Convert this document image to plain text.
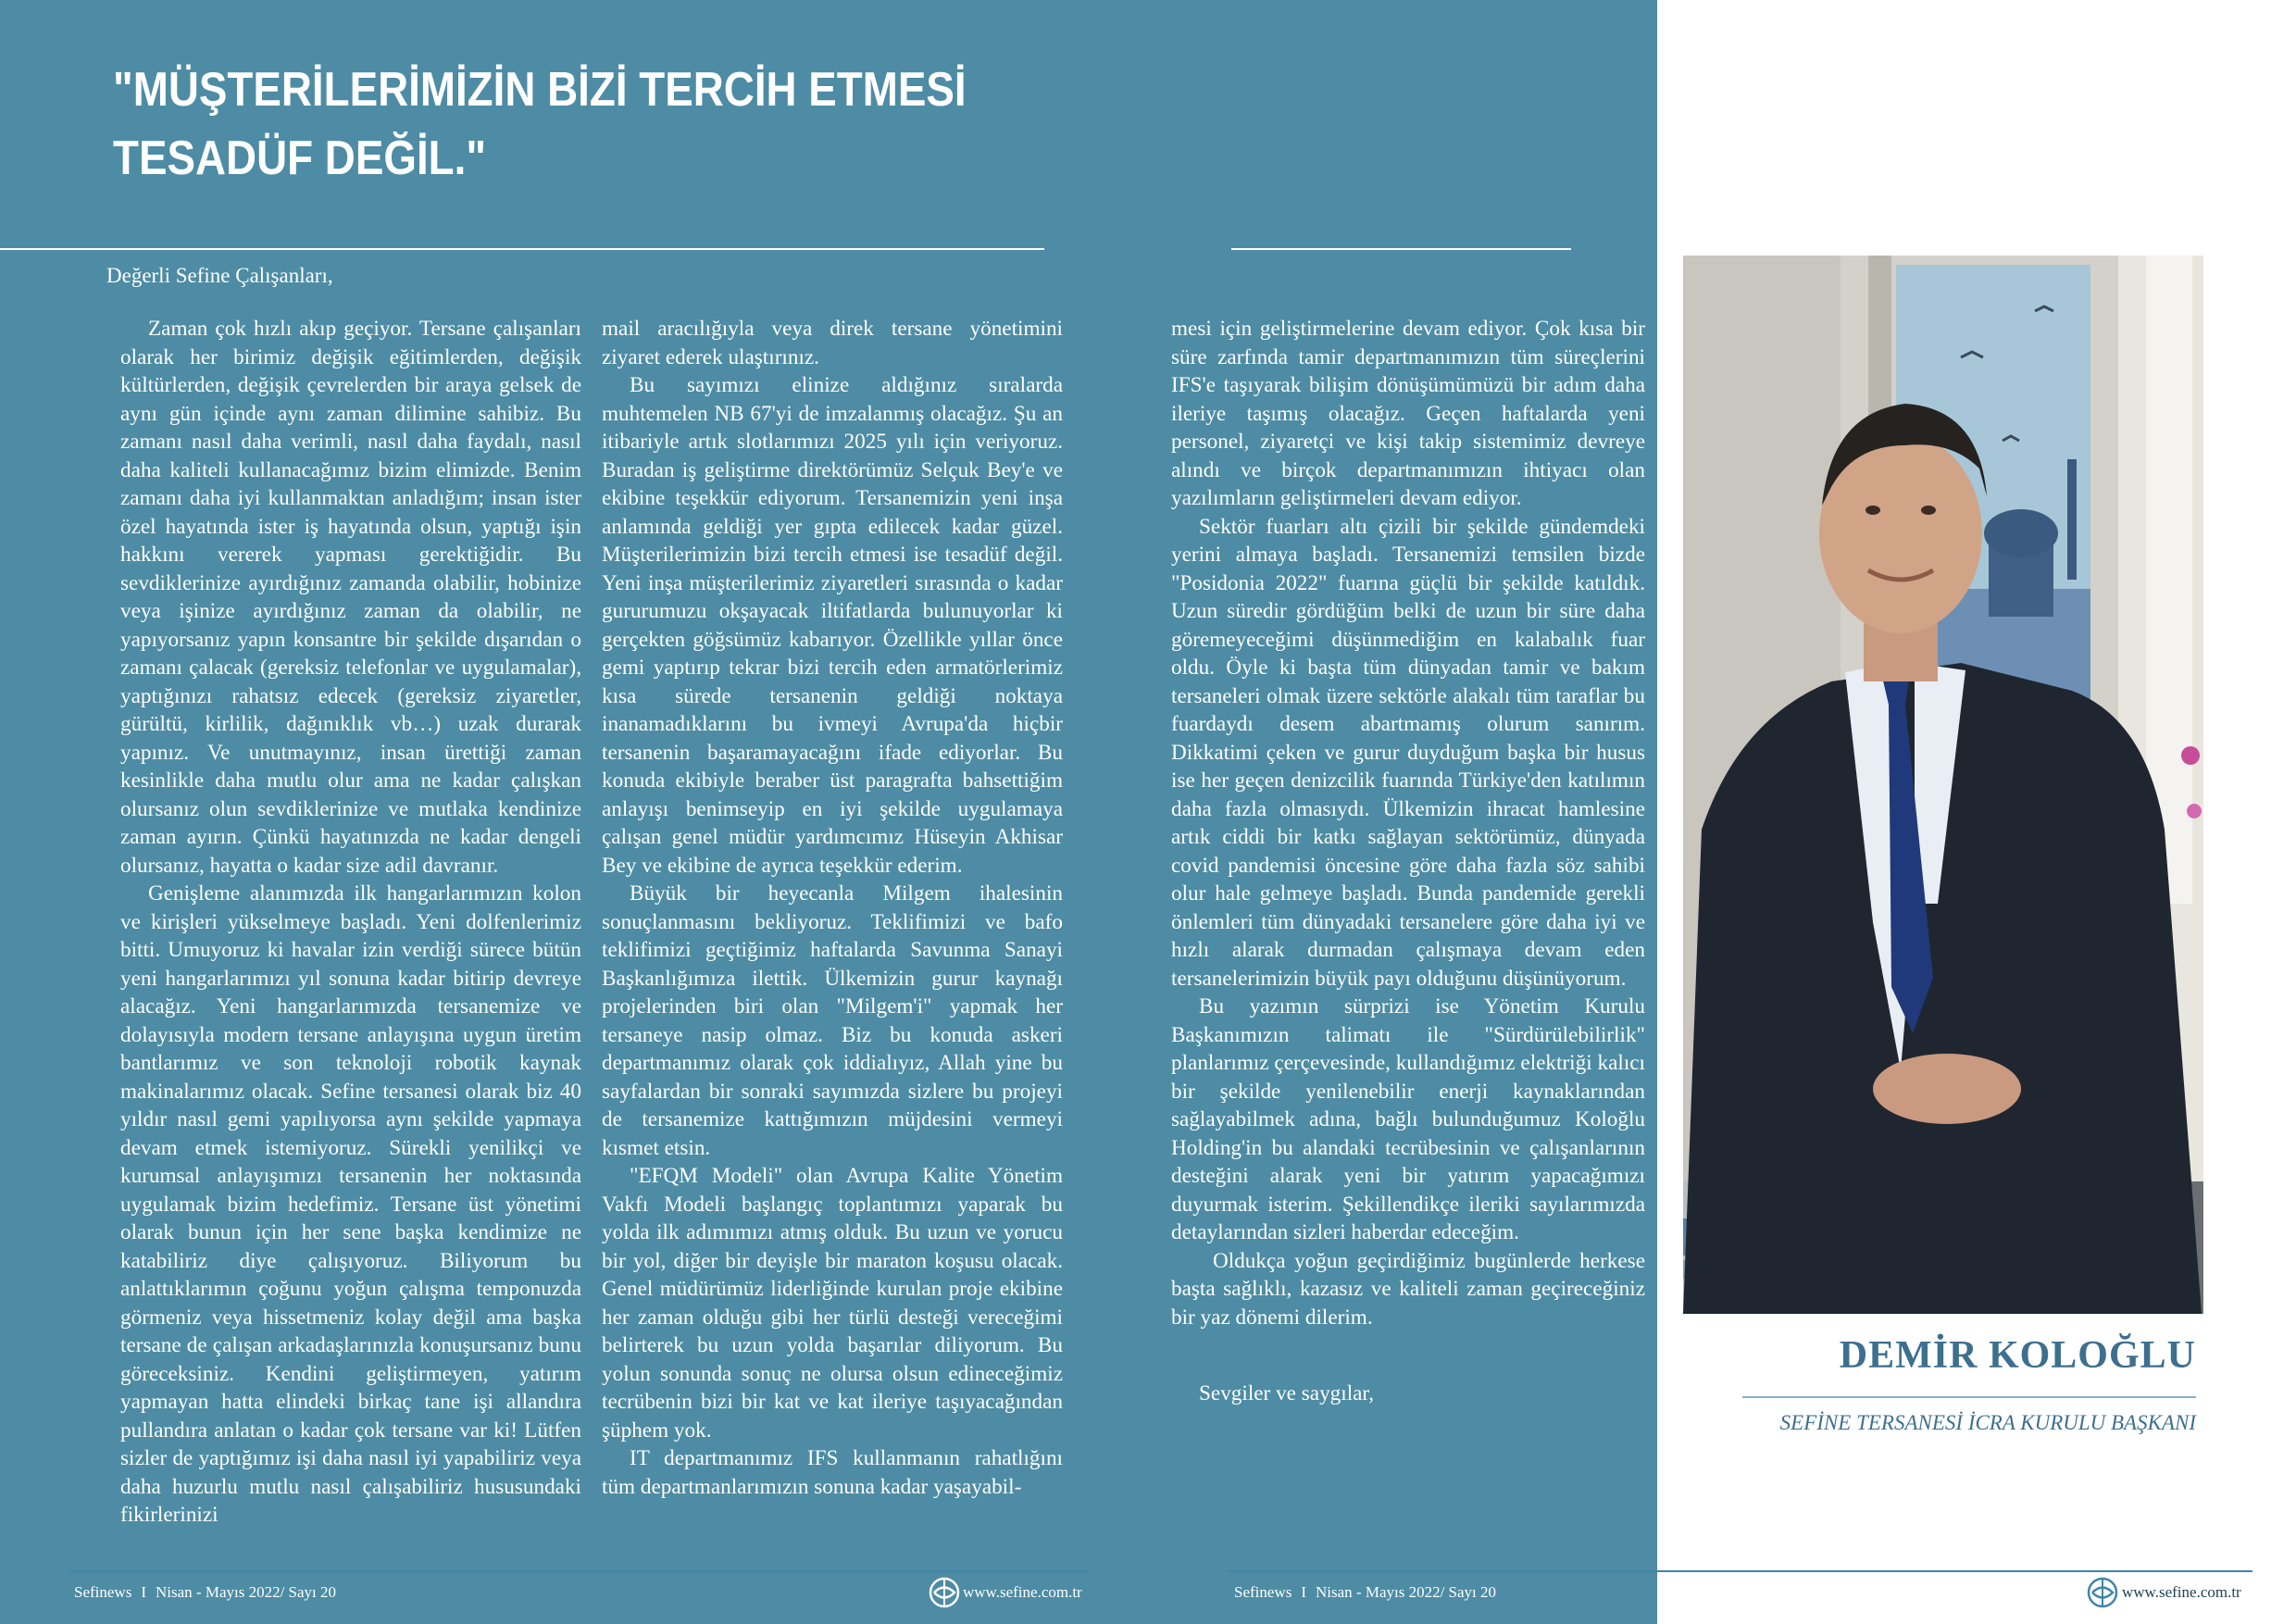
"MÜŞTERİLERİMİZİN BİZİ TERCİH ETMESİ
TESADÜF DEĞİL."
Değerli Sefine Çalışanları,

Zaman çok hızlı akıp geçiyor. Tersane çalışanları olarak her birimiz değişik eğitimlerden, değişik kültürlerden, değişik çevrelerden bir araya gelsek de aynı gün içinde aynı zaman dilimine sahibiz. Bu zamanı nasıl daha verimli, nasıl daha faydalı, nasıl daha kaliteli kullanacağımız bizim elimizde. Benim zamanı daha iyi kullanmaktan anladığım; insan ister özel hayatında ister iş hayatında olsun, yaptığı işin hakkını vererek yapması gerektiğidir. Bu sevdiklerinize ayırdığınız zamanda olabilir, hobinize veya işinize ayırdığınız zaman da olabilir, ne yapıyorsanız yapın konsantre bir şekilde dışarıdan o zamanı çalacak (gereksiz telefonlar ve uygulamalar), yaptığınızı rahatsız edecek (gereksiz ziyaretler, gürültü, kirlilik, dağınıklık vb…) uzak durarak yapınız. Ve unutmayınız, insan ürettiği zaman kesinlikle daha mutlu olur ama ne kadar çalışkan olursanız olun sevdiklerinize ve mutlaka kendinize zaman ayırın. Çünkü hayatınızda ne kadar dengeli olursanız, hayatta o kadar size adil davranır.

Genişleme alanımızda ilk hangarlarımızın kolon ve kirişleri yükselmeye başladı. Yeni dolfenlerimiz bitti. Umuyoruz ki havalar izin verdiği sürece bütün yeni hangarlarımızı yıl sonuna kadar bitirip devreye alacağız. Yeni hangarlarımızda tersanemize ve dolayısıyla modern tersane anlayışına uygun üretim bantlarımız ve son teknoloji robotik kaynak makinalarımız olacak. Sefine tersanesi olarak biz 40 yıldır nasıl gemi yapılıyorsa aynı şekilde yapmaya devam etmek istemiyoruz. Sürekli yenilikçi ve kurumsal anlayışımızı tersanenin her noktasında uygulamak bizim hedefimiz. Tersane üst yönetimi olarak bunun için her sene başka kendimize ne katabiliriz diye çalışıyoruz. Biliyorum bu anlattıklarımın çoğunu yoğun çalışma temponuzda görmeniz veya hissetmeniz kolay değil ama başka tersane de çalışan arkadaşlarınızla konuşursanız bunu göreceksiniz. Kendini geliştirmeyen, yatırım yapmayan hatta elindeki birkaç tane işi allandıra pullandıra anlatan o kadar çok tersane var ki! Lütfen sizler de yaptığımız işi daha nasıl iyi yapabiliriz veya daha huzurlu mutlu nasıl çalışabiliriz hususundaki fikirlerinizi

mail aracılığıyla veya direk tersane yönetimini ziyaret ederek ulaştırınız.

Bu sayımızı elinize aldığınız sıralarda muhtemelen NB 67'yi de imzalanmış olacağız. Şu an itibariyle artık slotlarımızı 2025 yılı için veriyoruz. Buradan iş geliştirme direktörümüz Selçuk Bey'e ve ekibine teşekkür ediyorum. Tersanemizin yeni inşa anlamında geldiği yer gıpta edilecek kadar güzel. Müşterilerimizin bizi tercih etmesi ise tesadüf değil. Yeni inşa müşterilerimiz ziyaretleri sırasında o kadar gururumuzu okşayacak iltifatlarda bulunuyorlar ki gerçekten göğsümüz kabarıyor. Özellikle yıllar önce gemi yaptırıp tekrar bizi tercih eden armatörlerimiz kısa sürede tersanenin geldiği noktaya inanamadıklarını bu ivmeyi Avrupa'da hiçbir tersanenin başaramayacağını ifade ediyorlar. Bu konuda ekibiyle beraber üst paragrafta bahsettiğim anlayışı benimseyip en iyi şekilde uygulamaya çalışan genel müdür yardımcımız Hüseyin Akhisar Bey ve ekibine de ayrıca teşekkür ederim.

Büyük bir heyecanla Milgem ihalesinin sonuçlanmasını bekliyoruz. Teklifimizi ve bafo teklifimizi geçtiğimiz haftalarda Savunma Sanayi Başkanlığımıza ilettik. Ülkemizin gurur kaynağı projelerinden biri olan "Milgem'i" yapmak her tersaneye nasip olmaz. Biz bu konuda askeri departmanımız olarak çok iddialıyız, Allah yine bu sayfalardan bir sonraki sayımızda sizlere bu projeyi de tersanemize kattığımızın müjdesini vermeyi kısmet etsin.

"EFQM Modeli" olan Avrupa Kalite Yönetim Vakfı Modeli başlangıç toplantımızı yaparak bu yolda ilk adımımızı atmış olduk. Bu uzun ve yorucu bir yol, diğer bir deyişle bir maraton koşusu olacak. Genel müdürümüz liderliğinde kurulan proje ekibine her zaman olduğu gibi her türlü desteği vereceğimi belirterek bu uzun yolda başarılar diliyorum. Bu yolun sonunda sonuç ne olursa olsun edineceğimiz tecrübenin bizi bir kat ve kat ileriye taşıyacağından şüphem yok.

IT departmanımız IFS kullanmanın rahatlığını tüm departmanlarımızın sonuna kadar yaşayabil-

mesi için geliştirmelerine devam ediyor. Çok kısa bir süre zarfında tamir departmanımızın tüm süreçlerini IFS'e taşıyarak bilişim dönüşümümüzü bir adım daha ileriye taşımış olacağız. Geçen haftalarda yeni personel, ziyaretçi ve kişi takip sistemimiz devreye alındı ve birçok departmanımızın ihtiyacı olan yazılımların geliştirmeleri devam ediyor.

Sektör fuarları altı çizili bir şekilde gündemdeki yerini almaya başladı. Tersanemizi temsilen bizde "Posidonia 2022" fuarına güçlü bir şekilde katıldık. Uzun süredir gördüğüm belki de uzun bir süre daha göremeyeceğimi düşünmediğim en kalabalık fuar oldu. Öyle ki başta tüm dünyadan tamir ve bakım tersaneleri olmak üzere sektörle alakalı tüm taraflar bu fuardaydı desem abartmamış olurum sanırım. Dikkatimi çeken ve gurur duyduğum başka bir husus ise her geçen denizcilik fuarında Türkiye'den katılımın daha fazla olmasıydı. Ülkemizin ihracat hamlesine artık ciddi bir katkı sağlayan sektörümüz, dünyada covid pandemisi öncesine göre daha fazla söz sahibi olur hale gelmeye başladı. Bunda pandemide gerekli önlemleri tüm dünyadaki tersanelere göre daha iyi ve hızlı alarak durmadan çalışmaya devam eden tersanelerimizin büyük payı olduğunu düşünüyorum.

Bu yazımın sürprizi ise Yönetim Kurulu Başkanımızın talimatı ile "Sürdürülebilirlik" planlarımız çerçevesinde, kullandığımız elektriği kalıcı bir şekilde yenilenebilir enerji kaynaklarından sağlayabilmek adına, bağlı bulunduğumuz Koloğlu Holding'in bu alandaki tecrübesinin ve çalışanlarının desteğini alarak yeni bir yatırım yapacağımızı duyurmak isterim. Şekillendikçe ileriki sayılarımızda detaylarından sizleri haberdar edeceğim.

Oldukça yoğun geçirdiğimiz bugünlerde herkese başta sağlıklı, kazasız ve kaliteli zaman geçireceğiniz bir yaz dönemi dilerim.

Sevgiler ve saygılar,
DEMİR KOLOĞLU
SEFİNE TERSANESİ İCRA KURULU BAŞKANI
Sefinews I Nisan - Mayıs 2022/ Sayı 20	www.sefine.com.tr	Sefinews I Nisan - Mayıs 2022/ Sayı 20	www.sefine.com.tr
